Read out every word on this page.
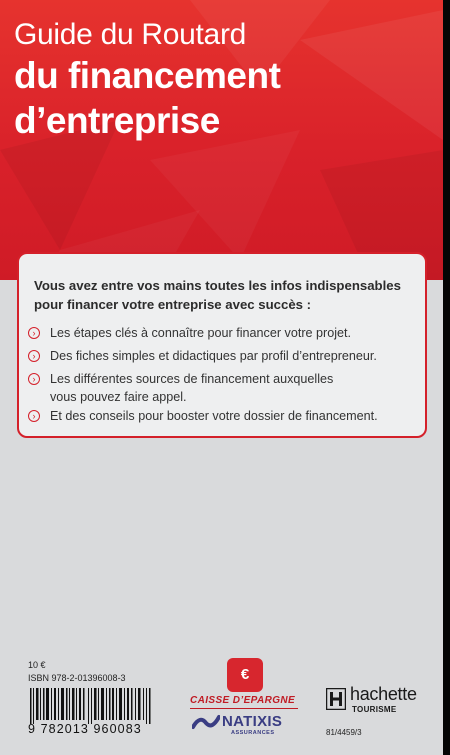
Guide du Routard
du financement
d’entreprise
Vous avez entre vos mains toutes les infos indispensables pour financer votre entreprise avec succès :
›	Les étapes clés à connaître pour financer votre projet.
›	Des fiches simples et didactiques par profil d’entrepreneur.
›	Les différentes sources de financement auxquelles
vous pouvez faire appel.
›	Et des conseils pour booster votre dossier de financement.
10 €
ISBN 978-2-01396008-3
9 782013 960083
€
CAISSE D’EPARGNE
NATIXIS
ASSURANCES
hachette
TOURISME
81/4459/3
